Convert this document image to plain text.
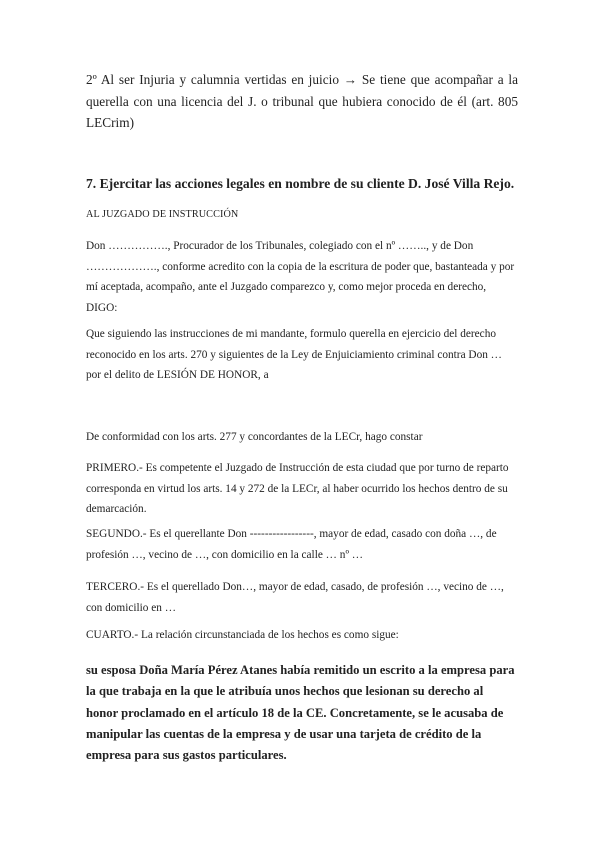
2º Al ser Injuria y calumnia vertidas en juicio → Se tiene que acompañar a la querella con una licencia del J. o tribunal que hubiera conocido de él (art. 805 LECrim)

7. Ejercitar las acciones legales en nombre de su cliente D. José Villa Rejo.

AL JUZGADO DE INSTRUCCIÓN

Don ……………., Procurador de los Tribunales, colegiado con el nº …….., y de Don ………………., conforme acredito con la copia de la escritura de poder que, bastanteada y por mí aceptada, acompaño, ante el Juzgado comparezco y, como mejor proceda en derecho, DIGO:

Que siguiendo las instrucciones de mi mandante, formulo querella en ejercicio del derecho reconocido en los arts. 270 y siguientes de la Ley de Enjuiciamiento criminal contra Don … por el delito de LESIÓN DE HONOR, a

De conformidad con los arts. 277 y concordantes de la LECr, hago constar

PRIMERO.- Es competente el Juzgado de Instrucción de esta ciudad que por turno de reparto corresponda en virtud los arts. 14 y 272 de la LECr, al haber ocurrido los hechos dentro de su demarcación.

SEGUNDO.- Es el querellante Don -----------------, mayor de edad, casado con doña …, de profesión …, vecino de …, con domicilio en la calle … nº …

TERCERO.- Es el querellado Don…, mayor de edad, casado, de profesión …, vecino de …, con domicilio en …

CUARTO.- La relación circunstanciada de los hechos es como sigue:

su esposa Doña María Pérez Atanes había remitido un escrito a la empresa para la que trabaja en la que le atribuía unos hechos que lesionan su derecho al honor proclamado en el artículo 18 de la CE. Concretamente, se le acusaba de manipular las cuentas de la empresa y de usar una tarjeta de crédito de la empresa para sus gastos particulares.
